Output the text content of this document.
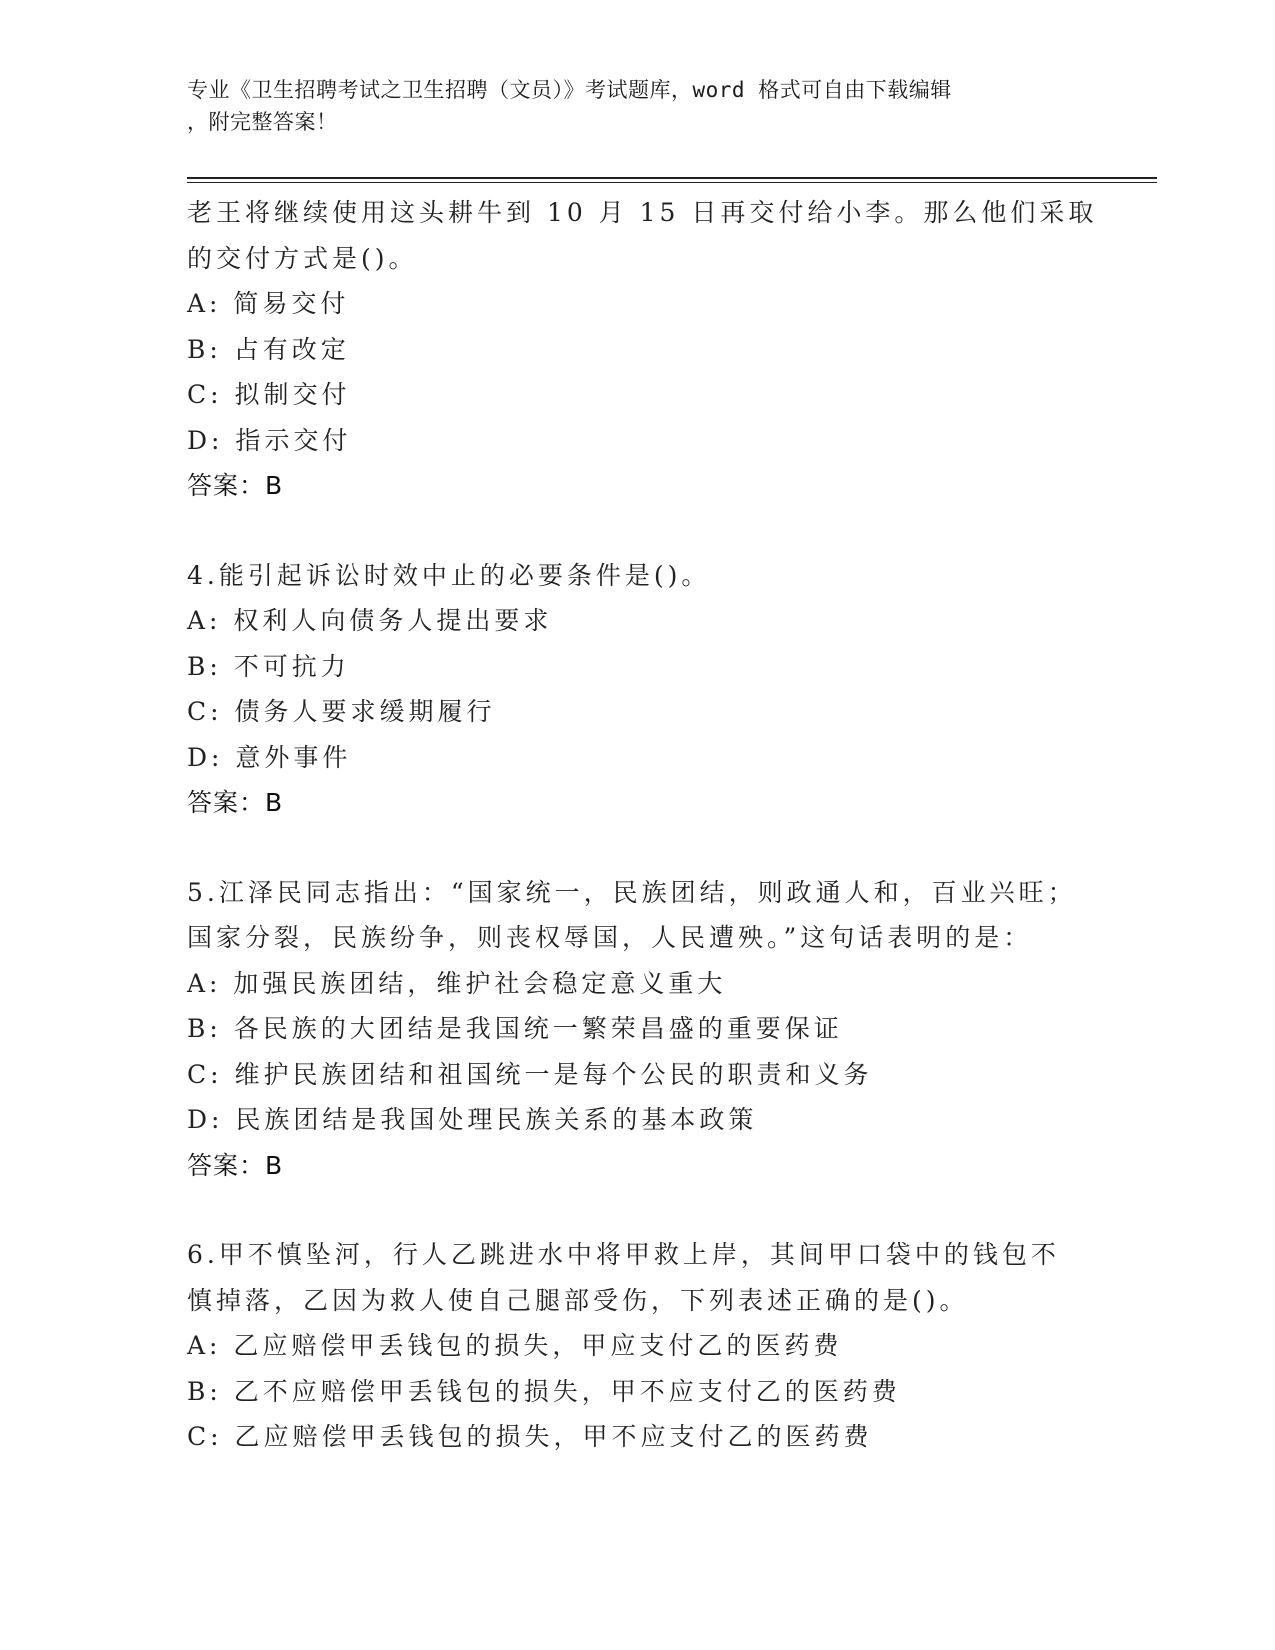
专业《卫生招聘考试之卫生招聘（文员）》考试题库，word 格式可自由下载编辑
，附完整答案！
老王将继续使用这头耕牛到 10 月 15 日再交付给小李。那么他们采取
的交付方式是()。
A: 简易交付
B: 占有改定
C: 拟制交付
D: 指示交付
答案：B
4.能引起诉讼时效中止的必要条件是()。
A: 权利人向债务人提出要求
B: 不可抗力
C: 债务人要求缓期履行
D: 意外事件
答案：B
5.江泽民同志指出：“国家统一，民族团结，则政通人和，百业兴旺；
国家分裂，民族纷争，则丧权辱国，人民遭殃。”这句话表明的是：
A: 加强民族团结，维护社会稳定意义重大
B: 各民族的大团结是我国统一繁荣昌盛的重要保证
C: 维护民族团结和祖国统一是每个公民的职责和义务
D: 民族团结是我国处理民族关系的基本政策
答案：B
6.甲不慎坠河，行人乙跳进水中将甲救上岸，其间甲口袋中的钱包不
慎掉落，乙因为救人使自己腿部受伤，下列表述正确的是()。
A: 乙应赔偿甲丢钱包的损失，甲应支付乙的医药费
B: 乙不应赔偿甲丢钱包的损失，甲不应支付乙的医药费
C: 乙应赔偿甲丢钱包的损失，甲不应支付乙的医药费
